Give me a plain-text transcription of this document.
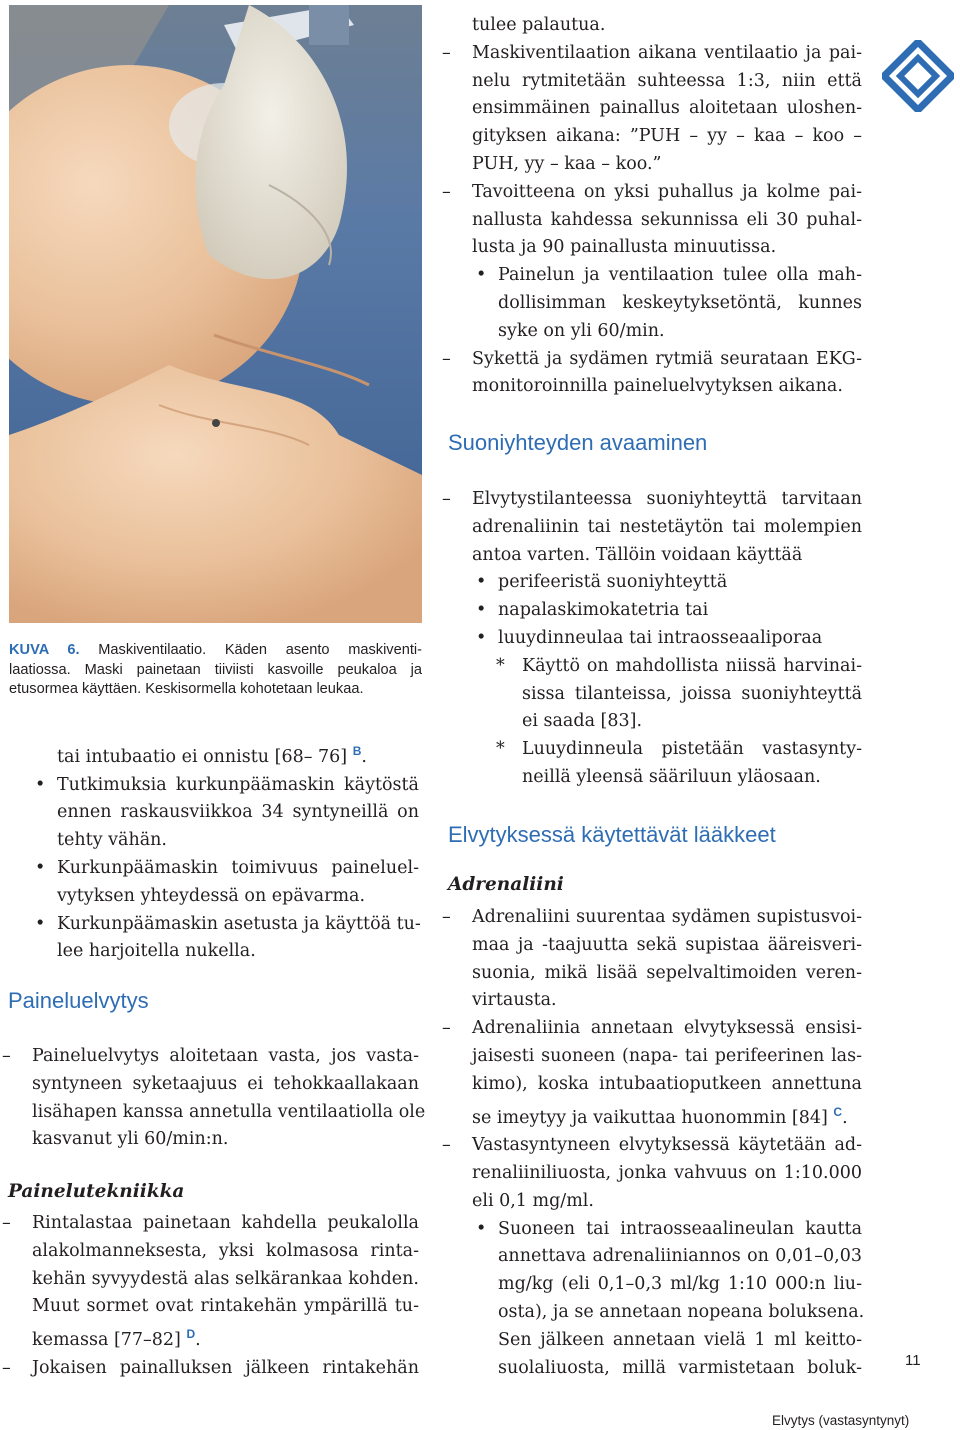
KUVA 6. Maskiventilaatio. Käden asento maskiventi-
laatiossa. Maski painetaan tiiviisti kasvoille peukaloa ja
etusormea käyttäen. Keskisormella kohotetaan leukaa.
tai intubaatio ei onnistu [68– 76] $^B$.
• Tutkimuksia kurkunpäämaskin käytöstä
ennen raskausviikkoa 34 syntyneillä on
tehty vähän.
• Kurkunpäämaskin toimivuus paineluel-
vytyksen yhteydessä on epävarma.
• Kurkunpäämaskin asetusta ja käyttöä tu-
lee harjoitella nukella.
Paineluelvytys
– Paineluelvytys aloitetaan vasta, jos vasta-
syntyneen syketaajuus ei tehokkaallakaan
lisähapen kanssa annetulla ventilaatiolla ole
kasvanut yli 60/min:n.
Painelutekniikka
– Rintalastaa painetaan kahdella peukalolla
alakolmanneksesta, yksi kolmasosa rinta-
kehän syvyydestä alas selkärankaa kohden.
Muut sormet ovat rintakehän ympärillä tu-
kemassa [77–82] $^D$.
– Jokaisen painalluksen jälkeen rintakehän
tulee palautua.
– Maskiventilaation aikana ventilaatio ja pai-
nelu rytmitetään suhteessa 1:3, niin että
ensimmäinen painallus aloitetaan uloshen-
gityksen aikana: ”PUH – yy – kaa – koo –
PUH, yy – kaa – koo.”
– Tavoitteena on yksi puhallus ja kolme pai-
nallusta kahdessa sekunnissa eli 30 puhal-
lusta ja 90 painallusta minuutissa.
• Painelun ja ventilaation tulee olla mah-
dollisimman keskeytyksetöntä, kunnes
syke on yli 60/min.
– Sykettä ja sydämen rytmiä seurataan EKG-
monitoroinnilla paineluelvytyksen aikana.
Suoniyhteyden avaaminen
– Elvytystilanteessa suoniyhteyttä tarvitaan
adrenaliinin tai nestetäytön tai molempien
antoa varten. Tällöin voidaan käyttää
• perifeeristä suoniyhteyttä
• napalaskimokatetria tai
• luuydinneulaa tai intraosseaaliporaa
* Käyttö on mahdollista niissä harvinai-
sissa tilanteissa, joissa suoniyhteyttä
ei saada [83].
* Luuydinneula pistetään vastasynty-
neillä yleensä sääriluun yläosaan.
Elvytyksessä käytettävät lääkkeet
Adrenaliini
– Adrenaliini suurentaa sydämen supistusvoi-
maa ja -taajuutta sekä supistaa ääreisveri-
suonia, mikä lisää sepelvaltimoiden veren-
virtausta.
– Adrenaliinia annetaan elvytyksessä ensisi-
jaisesti suoneen (napa- tai perifeerinen las-
kimo), koska intubaatioputkeen annettuna
se imeytyy ja vaikuttaa huonommin [84] $^C$.
– Vastasyntyneen elvytyksessä käytetään ad-
renaliiniliuosta, jonka vahvuus on 1:10.000
eli 0,1 mg/ml.
• Suoneen tai intraosseaalineulan kautta
annettava adrenaliiniannos on 0,01–0,03
mg/kg (eli 0,1–0,3 ml/kg 1:10 000:n liu-
osta), ja se annetaan nopeana boluksena.
Sen jälkeen annetaan vielä 1 ml keitto-
suolaliuosta, millä varmistetaan boluk-	11
Elvytys (vastasyntynyt)
